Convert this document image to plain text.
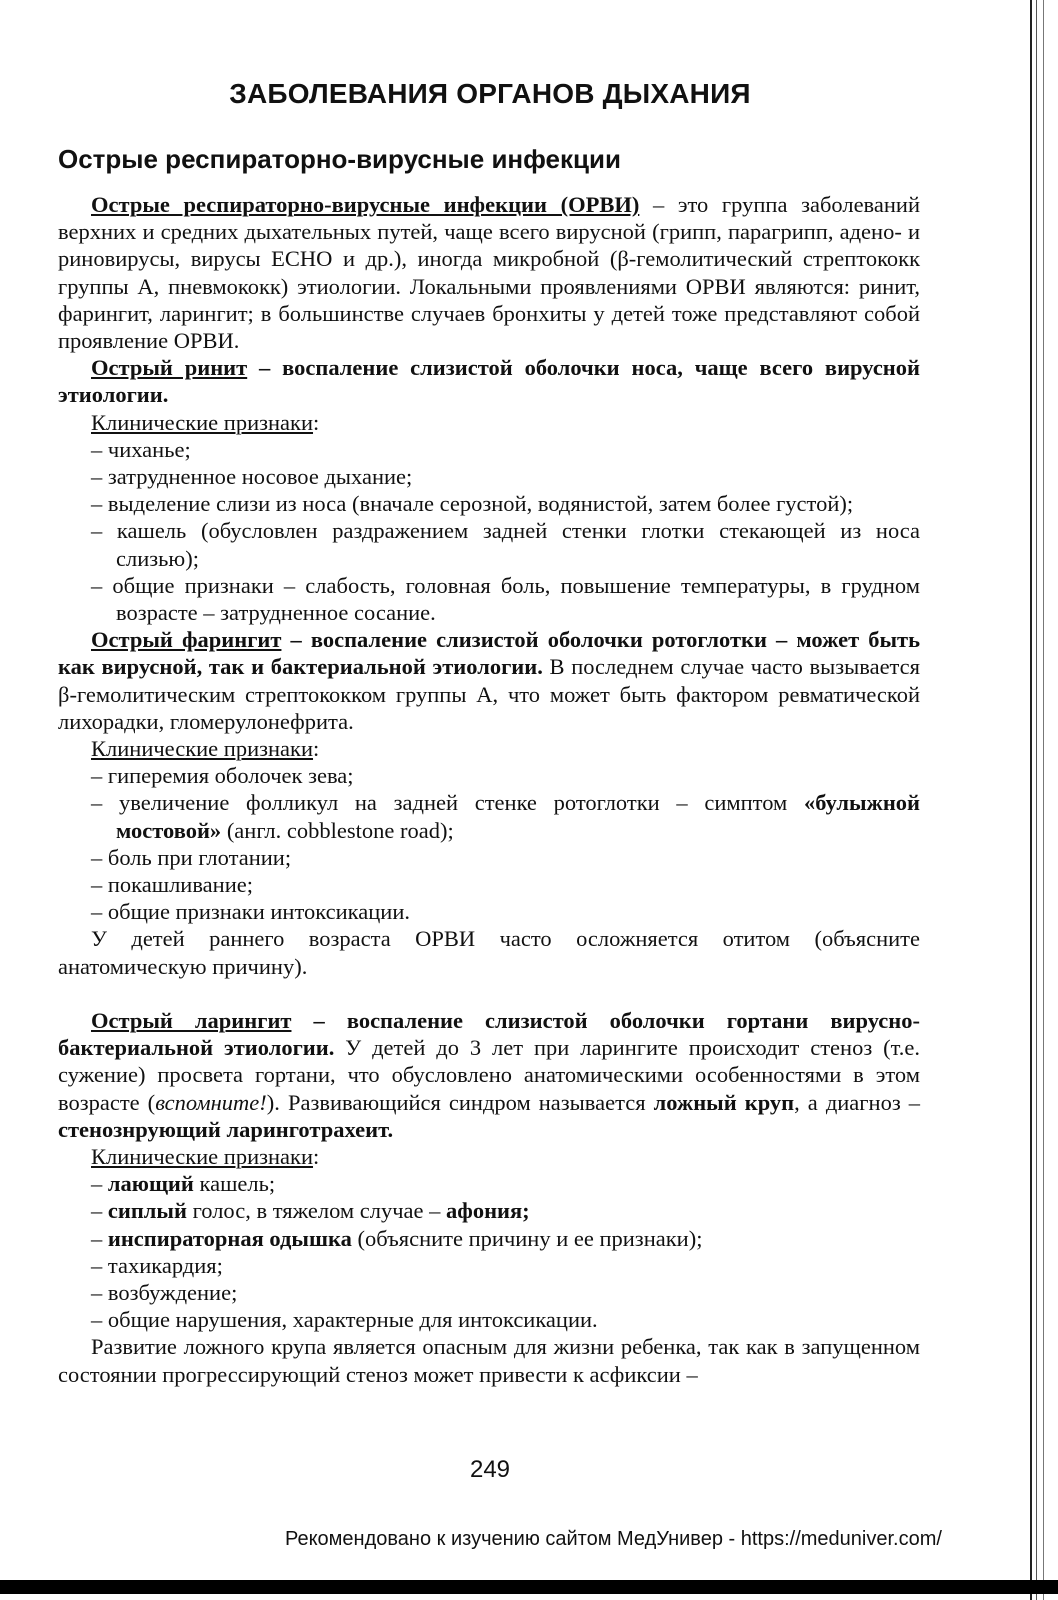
ЗАБОЛЕВАНИЯ ОРГАНОВ ДЫХАНИЯ
Острые респираторно-вирусные инфекции

Острые респираторно-вирусные инфекции (ОРВИ) – это группа заболеваний верхних и средних дыхательных путей, чаще всего вирусной (грипп, парагрипп, адено- и риновирусы, вирусы ЕСНО и др.), иногда микробной (β-гемолитический стрептококк группы А, пневмококк) этиологии. Локальными проявлениями ОРВИ являются: ринит, фарингит, ларингит; в большинстве случаев бронхиты у детей тоже представляют собой проявление ОРВИ.

Острый ринит – воспаление слизистой оболочки носа, чаще всего вирусной этиологии.

Клинические признаки:

– чиханье;

– затрудненное носовое дыхание;

– выделение слизи из носа (вначале серозной, водянистой, затем более густой);

– кашель (обусловлен раздражением задней стенки глотки стекающей из носа слизью);

– общие признаки – слабость, головная боль, повышение температуры, в грудном возрасте – затрудненное сосание.

Острый фарингит – воспаление слизистой оболочки ротоглотки – может быть как вирусной, так и бактериальной этиологии. В последнем случае часто вызывается β-гемолитическим стрептококком группы А, что может быть фактором ревматической лихорадки, гломерулонефрита.

Клинические признаки:

– гиперемия оболочек зева;

– увеличение фолликул на задней стенке ротоглотки – симптом «булыжной мостовой» (англ. cobblestone road);

– боль при глотании;

– покашливание;

– общие признаки интоксикации.

У детей раннего возраста ОРВИ часто осложняется отитом (объясните анатомическую причину).

Острый ларингит – воспаление слизистой оболочки гортани вирусно-бактериальной этиологии. У детей до 3 лет при ларингите происходит стеноз (т.е. сужение) просвета гортани, что обусловлено анатомическими особенностями в этом возрасте (вспомните!). Развивающийся синдром называется ложный круп, а диагноз – стенознрующий ларинготрахеит.

Клинические признаки:

– лающий кашель;

– сиплый голос, в тяжелом случае – афония;

– инспираторная одышка (объясните причину и ее признаки);

– тахикардия;

– возбуждение;

– общие нарушения, характерные для интоксикации.

Развитие ложного крупа является опасным для жизни ребенка, так как в запущенном состоянии прогрессирующий стеноз может привести к асфиксии –

249
Рекомендовано к изучению сайтом МедУнивер - https://meduniver.com/
